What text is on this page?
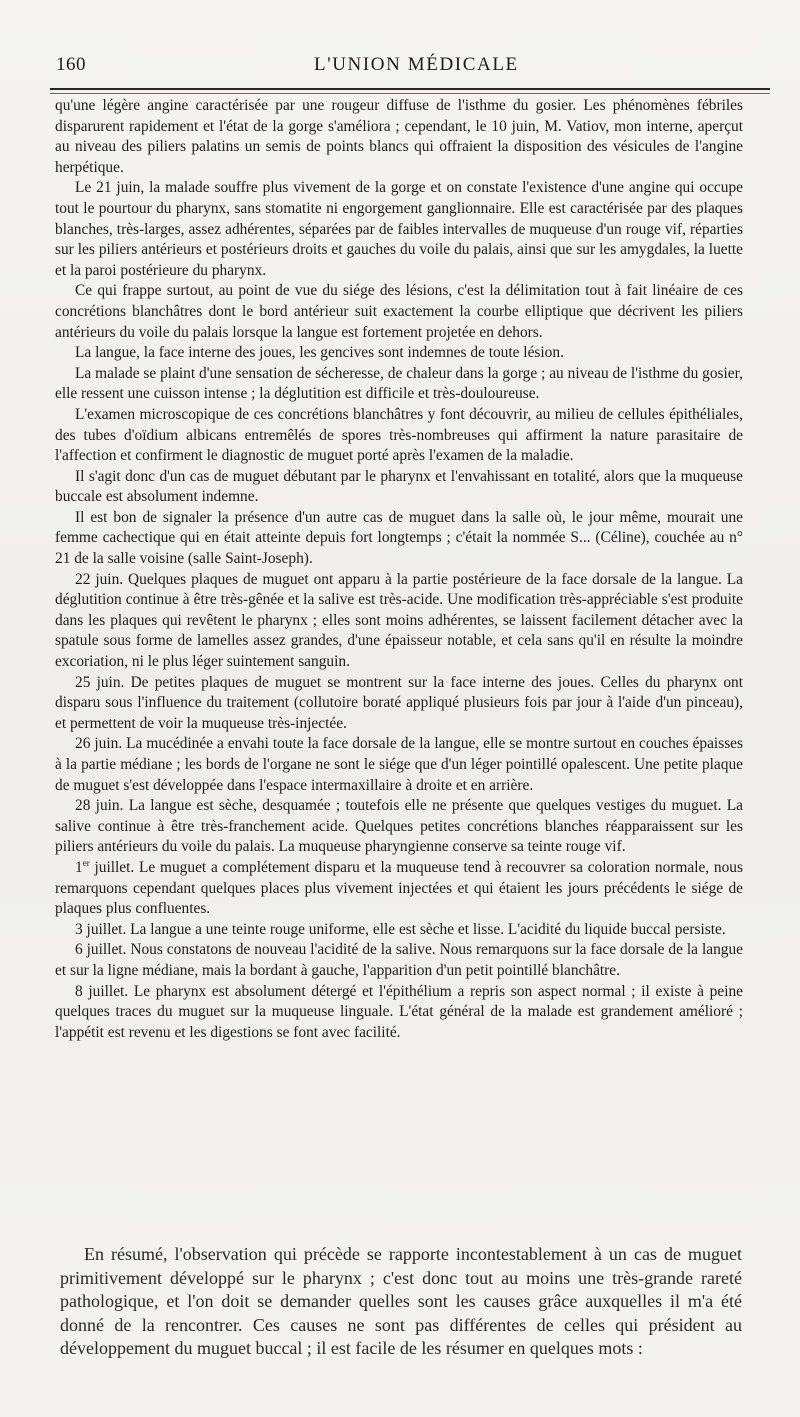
160	L'UNION MÉDICALE

qu'une légère angine caractérisée par une rougeur diffuse de l'isthme du gosier. Les phénomènes fébriles disparurent rapidement et l'état de la gorge s'améliora ; cependant, le 10 juin, M. Vatiov, mon interne, aperçut au niveau des piliers palatins un semis de points blancs qui offraient la disposition des vésicules de l'angine herpétique.

Le 21 juin, la malade souffre plus vivement de la gorge et on constate l'existence d'une angine qui occupe tout le pourtour du pharynx, sans stomatite ni engorgement ganglionnaire. Elle est caractérisée par des plaques blanches, très-larges, assez adhérentes, séparées par de faibles intervalles de muqueuse d'un rouge vif, réparties sur les piliers antérieurs et postérieurs droits et gauches du voile du palais, ainsi que sur les amygdales, la luette et la paroi postérieure du pharynx.

Ce qui frappe surtout, au point de vue du siége des lésions, c'est la délimitation tout à fait linéaire de ces concrétions blanchâtres dont le bord antérieur suit exactement la courbe elliptique que décrivent les piliers antérieurs du voile du palais lorsque la langue est fortement projetée en dehors.

La langue, la face interne des joues, les gencives sont indemnes de toute lésion.

La malade se plaint d'une sensation de sécheresse, de chaleur dans la gorge ; au niveau de l'isthme du gosier, elle ressent une cuisson intense ; la déglutition est difficile et très-douloureuse.

L'examen microscopique de ces concrétions blanchâtres y font découvrir, au milieu de cellules épithéliales, des tubes d'oïdium albicans entremêlés de spores très-nombreuses qui affirment la nature parasitaire de l'affection et confirment le diagnostic de muguet porté après l'examen de la maladie.

Il s'agit donc d'un cas de muguet débutant par le pharynx et l'envahissant en totalité, alors que la muqueuse buccale est absolument indemne.

Il est bon de signaler la présence d'un autre cas de muguet dans la salle où, le jour même, mourait une femme cachectique qui en était atteinte depuis fort longtemps ; c'était la nommée S... (Céline), couchée au n° 21 de la salle voisine (salle Saint-Joseph).

22 juin. Quelques plaques de muguet ont apparu à la partie postérieure de la face dorsale de la langue. La déglutition continue à être très-gênée et la salive est très-acide. Une modification très-appréciable s'est produite dans les plaques qui revêtent le pharynx ; elles sont moins adhérentes, se laissent facilement détacher avec la spatule sous forme de lamelles assez grandes, d'une épaisseur notable, et cela sans qu'il en résulte la moindre excoriation, ni le plus léger suintement sanguin.

25 juin. De petites plaques de muguet se montrent sur la face interne des joues. Celles du pharynx ont disparu sous l'influence du traitement (collutoire boraté appliqué plusieurs fois par jour à l'aide d'un pinceau), et permettent de voir la muqueuse très-injectée.

26 juin. La mucédinée a envahi toute la face dorsale de la langue, elle se montre surtout en couches épaisses à la partie médiane ; les bords de l'organe ne sont le siége que d'un léger pointillé opalescent. Une petite plaque de muguet s'est développée dans l'espace intermaxillaire à droite et en arrière.

28 juin. La langue est sèche, desquamée ; toutefois elle ne présente que quelques vestiges du muguet. La salive continue à être très-franchement acide. Quelques petites concrétions blanches réapparaissent sur les piliers antérieurs du voile du palais. La muqueuse pharyngienne conserve sa teinte rouge vif.

1er juillet. Le muguet a complétement disparu et la muqueuse tend à recouvrer sa coloration normale, nous remarquons cependant quelques places plus vivement injectées et qui étaient les jours précédents le siége de plaques plus confluentes.

3 juillet. La langue a une teinte rouge uniforme, elle est sèche et lisse. L'acidité du liquide buccal persiste.

6 juillet. Nous constatons de nouveau l'acidité de la salive. Nous remarquons sur la face dorsale de la langue et sur la ligne médiane, mais la bordant à gauche, l'apparition d'un petit pointillé blanchâtre.

8 juillet. Le pharynx est absolument détergé et l'épithélium a repris son aspect normal ; il existe à peine quelques traces du muguet sur la muqueuse linguale. L'état général de la malade est grandement amélioré ; l'appétit est revenu et les digestions se font avec facilité.

En résumé, l'observation qui précède se rapporte incontestablement à un cas de muguet primitivement développé sur le pharynx ; c'est donc tout au moins une très-grande rareté pathologique, et l'on doit se demander quelles sont les causes grâce auxquelles il m'a été donné de la rencontrer. Ces causes ne sont pas différentes de celles qui président au développement du muguet buccal ; il est facile de les résumer en quelques mots :
